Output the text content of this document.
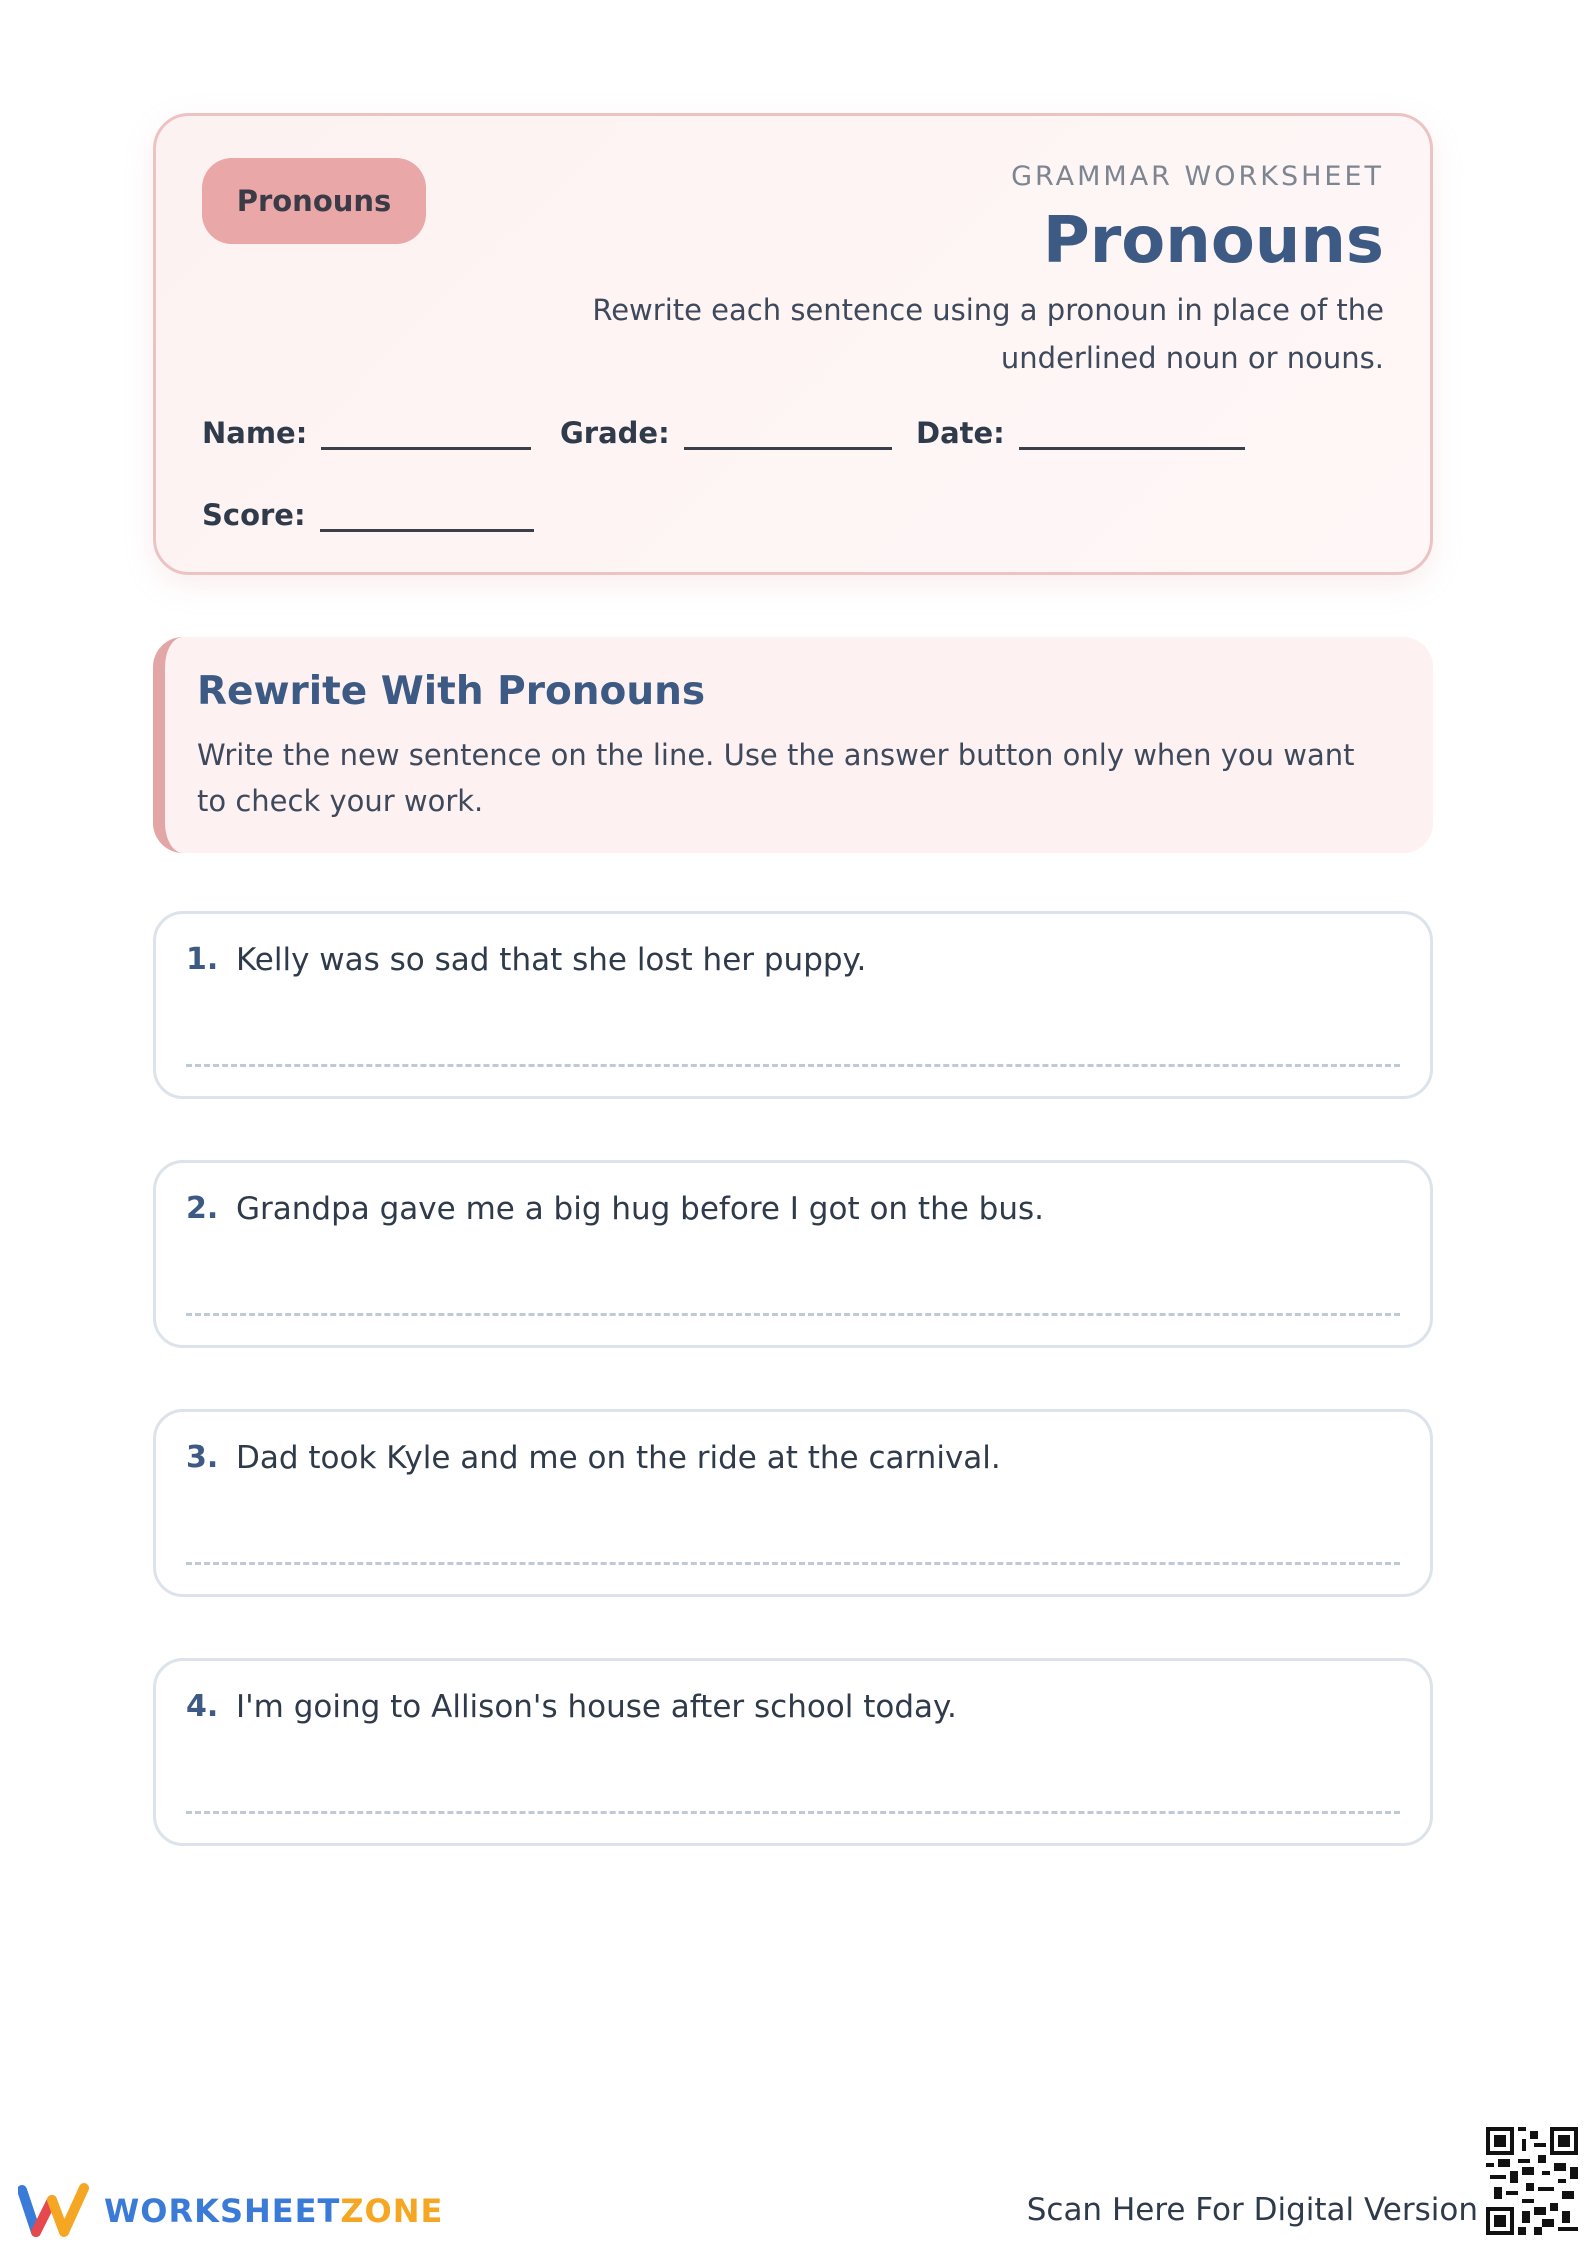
Pronouns
GRAMMAR WORKSHEET
Pronouns
Rewrite each sentence using a pronoun in place of the underlined noun or nouns.
Name:	Grade:	Date:
Score:
Rewrite With Pronouns
Write the new sentence on the line. Use the answer button only when you want to check your work.
1. Kelly was so sad that she lost her puppy.
2. Grandpa gave me a big hug before I got on the bus.
3. Dad took Kyle and me on the ride at the carnival.
4. I'm going to Allison's house after school today.
WORKSHEETZONE	Scan Here For Digital Version
